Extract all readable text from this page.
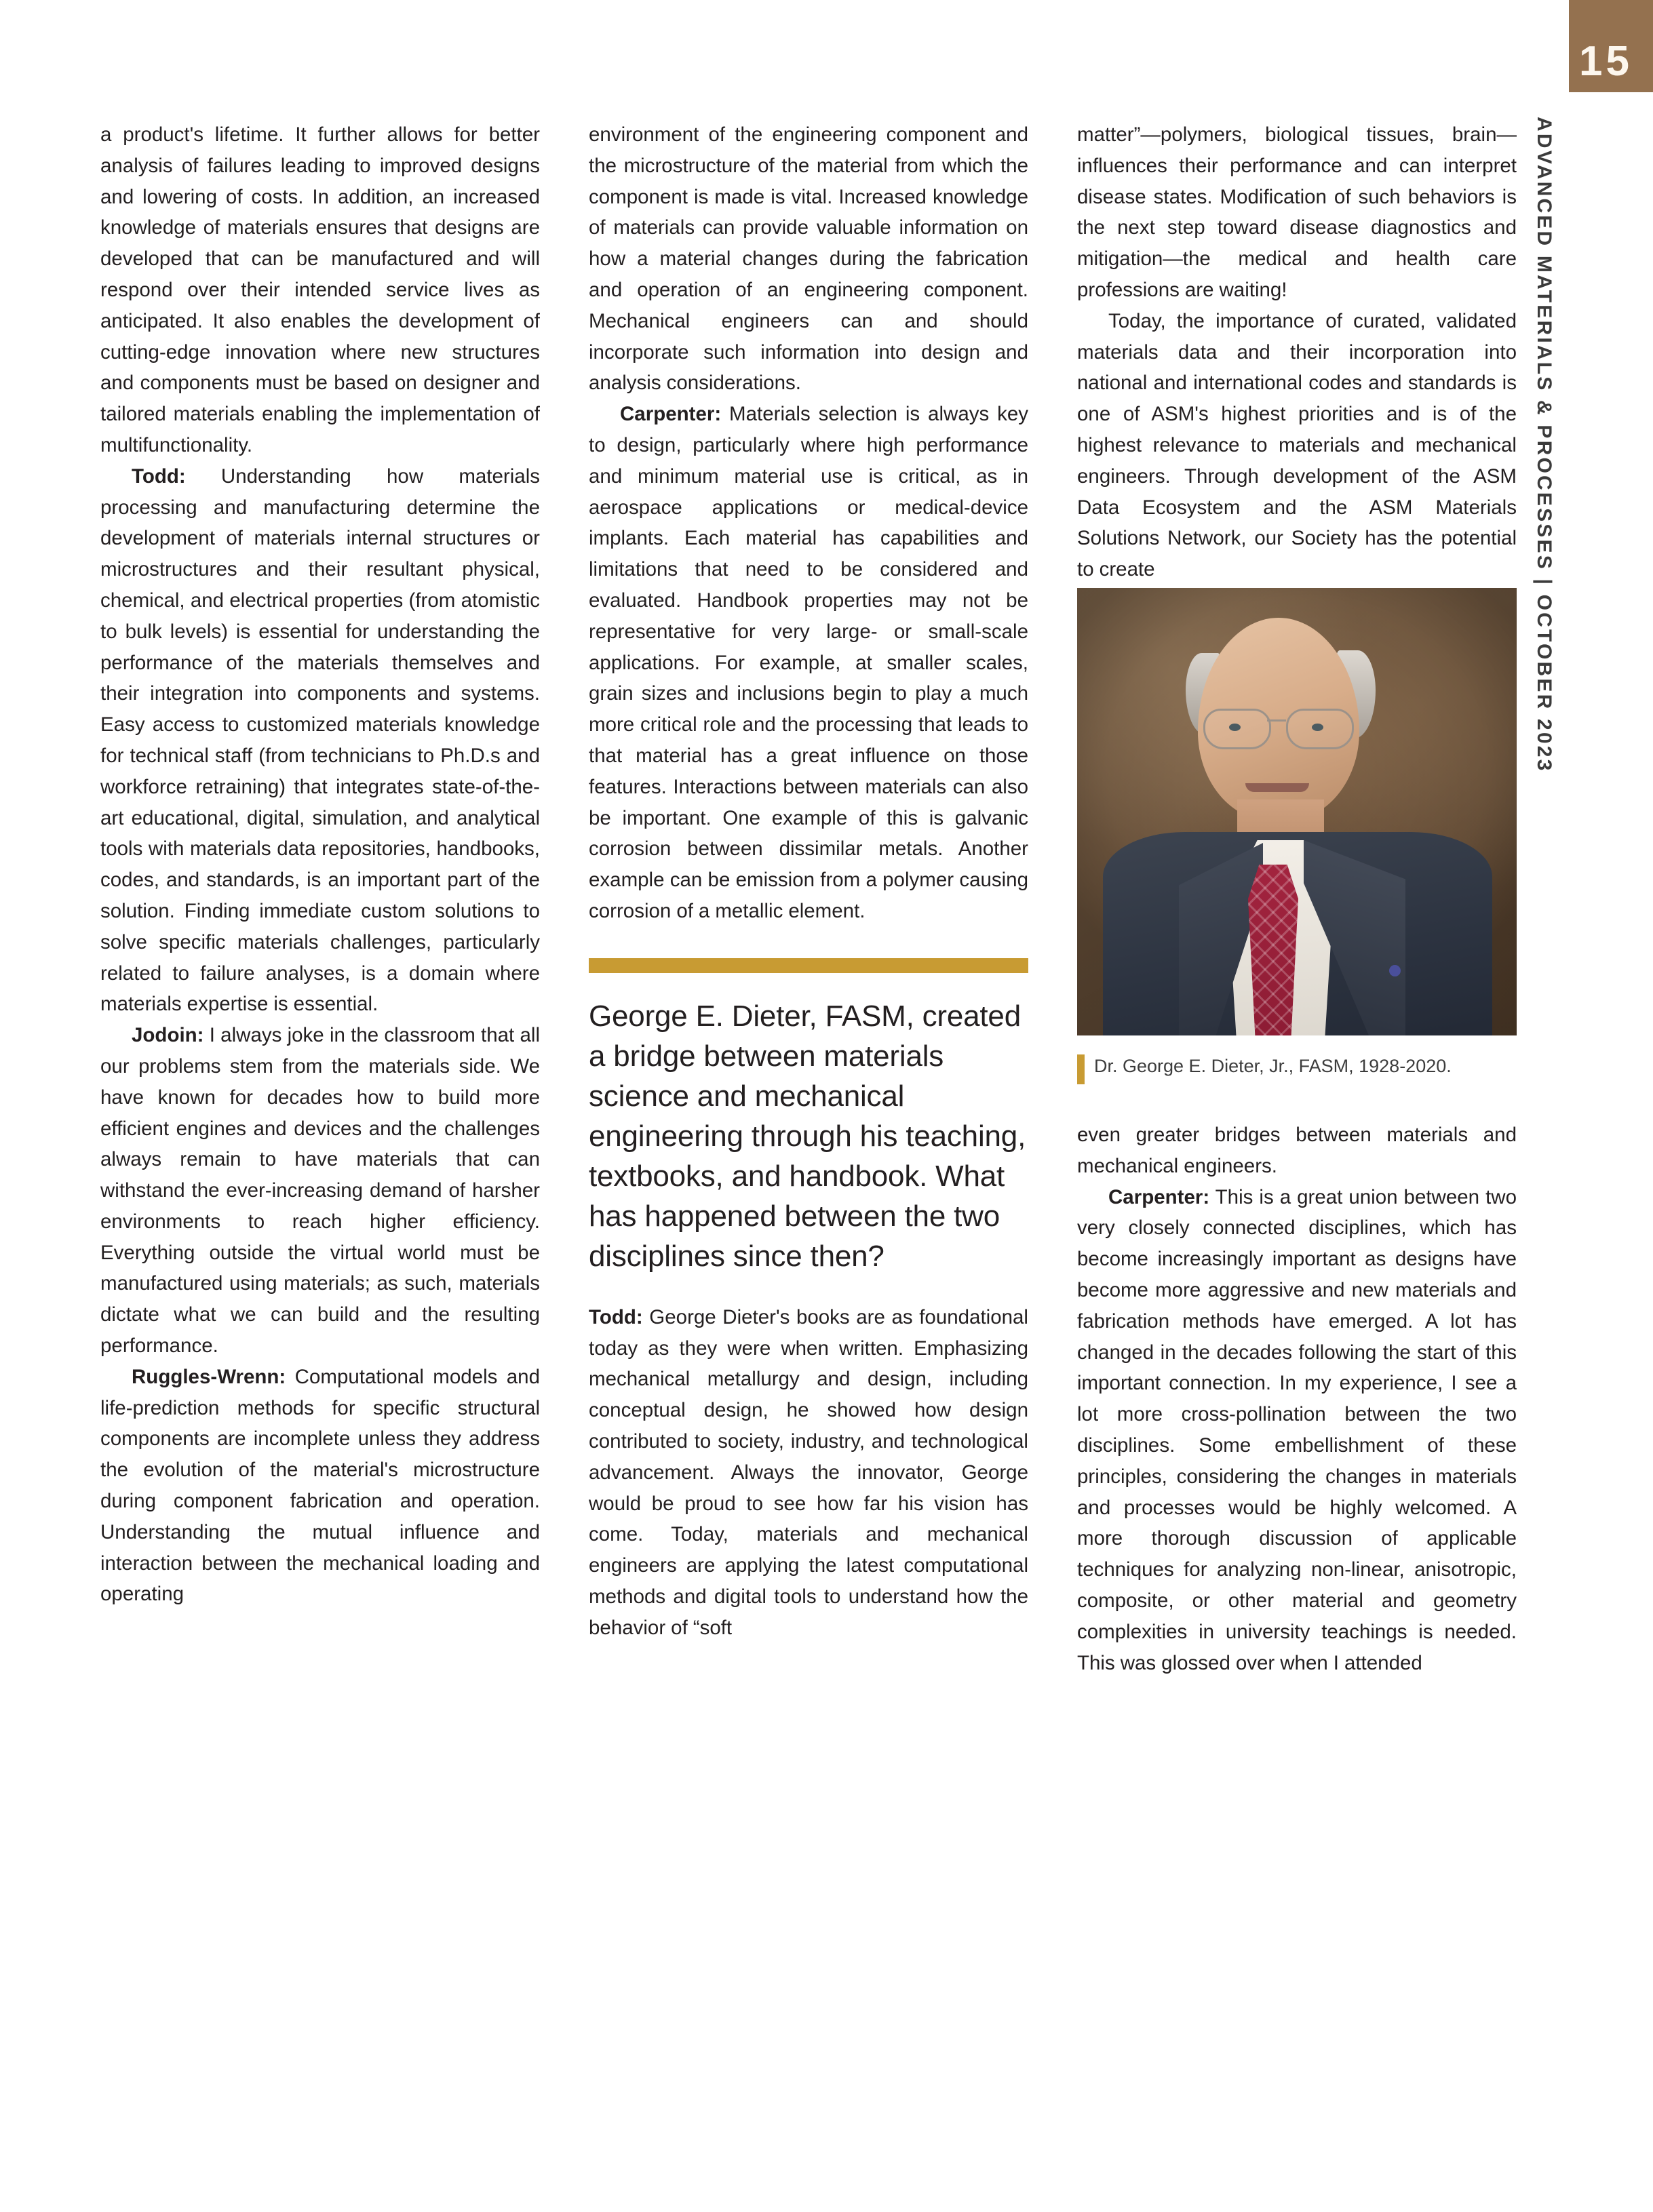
15
ADVANCED MATERIALS & PROCESSES | OCTOBER 2023

a product's lifetime. It further allows for better analysis of failures leading to improved designs and lowering of costs. In addition, an increased knowledge of materials ensures that designs are developed that can be manufactured and will respond over their intended service lives as anticipated. It also enables the development of cutting-edge innovation where new structures and components must be based on designer and tailored materials enabling the implementation of multifunctionality.

Todd: Understanding how materials processing and manufacturing determine the development of materials internal structures or microstructures and their resultant physical, chemical, and electrical properties (from atomistic to bulk levels) is essential for understanding the performance of the materials themselves and their integration into components and systems. Easy access to customized materials knowledge for technical staff (from technicians to Ph.D.s and workforce retraining) that integrates state-of-the-art educational, digital, simulation, and analytical tools with materials data repositories, handbooks, codes, and standards, is an important part of the solution. Finding immediate custom solutions to solve specific materials challenges, particularly related to failure analyses, is a domain where materials expertise is essential.

Jodoin: I always joke in the classroom that all our problems stem from the materials side. We have known for decades how to build more efficient engines and devices and the challenges always remain to have materials that can withstand the ever-increasing demand of harsher environments to reach higher efficiency. Everything outside the virtual world must be manufactured using materials; as such, materials dictate what we can build and the resulting performance.

Ruggles-Wrenn: Computational models and life-prediction methods for specific structural components are incomplete unless they address the evolution of the material's microstructure during component fabrication and operation. Understanding the mutual influence and interaction between the mechanical loading and operating

environment of the engineering component and the microstructure of the material from which the component is made is vital. Increased knowledge of materials can provide valuable information on how a material changes during the fabrication and operation of an engineering component. Mechanical engineers can and should incorporate such information into design and analysis considerations.

Carpenter: Materials selection is always key to design, particularly where high performance and minimum material use is critical, as in aerospace applications or medical-device implants. Each material has capabilities and limitations that need to be considered and evaluated. Handbook properties may not be representative for very large- or small-scale applications. For example, at smaller scales, grain sizes and inclusions begin to play a much more critical role and the processing that leads to that material has a great influence on those features. Interactions between materials can also be important. One example of this is galvanic corrosion between dissimilar metals. Another example can be emission from a polymer causing corrosion of a metallic element.

George E. Dieter, FASM, created a bridge between materials science and mechanical engineering through his teaching, textbooks, and handbook. What has happened between the two disciplines since then?

Todd: George Dieter's books are as foundational today as they were when written. Emphasizing mechanical metallurgy and design, including conceptual design, he showed how design contributed to society, industry, and technological advancement. Always the innovator, George would be proud to see how far his vision has come. Today, materials and mechanical engineers are applying the latest computational methods and digital tools to understand how the behavior of “soft

matter”—polymers, biological tissues, brain—influences their performance and can interpret disease states. Modification of such behaviors is the next step toward disease diagnostics and mitigation—the medical and health care professions are waiting!

Today, the importance of curated, validated materials data and their incorporation into national and international codes and standards is one of ASM's highest priorities and is of the highest relevance to materials and mechanical engineers. Through development of the ASM Data Ecosystem and the ASM Materials Solutions Network, our Society has the potential to create

Dr. George E. Dieter, Jr., FASM, 1928-2020.

even greater bridges between materials and mechanical engineers.

Carpenter: This is a great union between two very closely connected disciplines, which has become increasingly important as designs have become more aggressive and new materials and fabrication methods have emerged. A lot has changed in the decades following the start of this important connection. In my experience, I see a lot more cross-pollination between the two disciplines. Some embellishment of these principles, considering the changes in materials and processes would be highly welcomed. A more thorough discussion of applicable techniques for analyzing non-linear, anisotropic, composite, or other material and geometry complexities in university teachings is needed. This was glossed over when I attended
